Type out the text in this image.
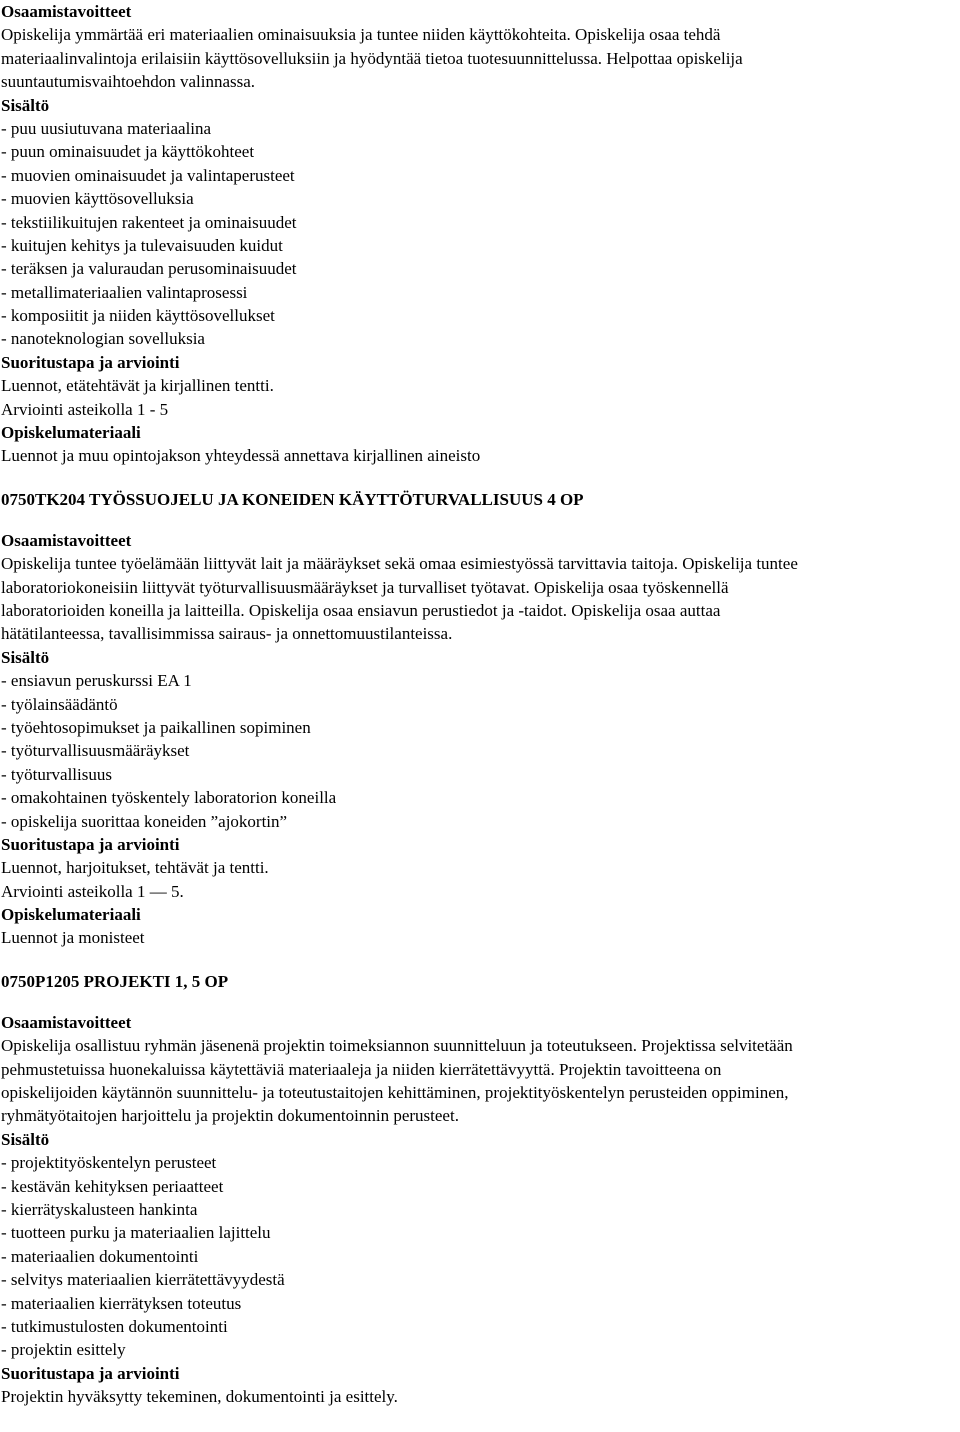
Osaamistavoitteet
Opiskelija ymmärtää eri materiaalien ominaisuuksia ja tuntee niiden käyttökohteita. Opiskelija osaa tehdä
materiaalinvalintoja erilaisiin käyttösovelluksiin ja hyödyntää tietoa tuotesuunnittelussa. Helpottaa opiskelija
suuntautumisvaihtoehdon valinnassa.
Sisältö
- puu uusiutuvana materiaalina
- puun ominaisuudet ja käyttökohteet
- muovien ominaisuudet ja valintaperusteet
- muovien käyttösovelluksia
- tekstiilikuitujen rakenteet ja ominaisuudet
- kuitujen kehitys ja tulevaisuuden kuidut
- teräksen ja valuraudan perusominaisuudet
- metallimateriaalien valintaprosessi
- komposiitit ja niiden käyttösovellukset
- nanoteknologian sovelluksia
Suoritustapa ja arviointi
Luennot, etätehtävät ja kirjallinen tentti.
Arviointi asteikolla 1 - 5
Opiskelumateriaali
Luennot ja muu opintojakson yhteydessä annettava kirjallinen aineisto
0750TK204 TYÖSSUOJELU JA KONEIDEN KÄYTTÖTURVALLISUUS 4 OP
Osaamistavoitteet
Opiskelija tuntee työelämään liittyvät lait ja määräykset sekä omaa esimiestyössä tarvittavia taitoja. Opiskelija tuntee
laboratoriokoneisiin liittyvät työturvallisuusmääräykset ja turvalliset työtavat. Opiskelija osaa työskennellä
laboratorioiden koneilla ja laitteilla. Opiskelija osaa ensiavun perustiedot ja -taidot. Opiskelija osaa auttaa
hätätilanteessa, tavallisimmissa sairaus- ja onnettomuustilanteissa.
Sisältö
- ensiavun peruskurssi EA 1
- työlainsäädäntö
- työehtosopimukset ja paikallinen sopiminen
- työturvallisuusmääräykset
- työturvallisuus
- omakohtainen työskentely laboratorion koneilla
- opiskelija suorittaa koneiden ”ajokortin”
Suoritustapa ja arviointi
Luennot, harjoitukset, tehtävät ja tentti.
Arviointi asteikolla 1 — 5.
Opiskelumateriaali
Luennot ja monisteet
0750P1205 PROJEKTI 1, 5 OP
Osaamistavoitteet
Opiskelija osallistuu ryhmän jäsenenä projektin toimeksiannon suunnitteluun ja toteutukseen. Projektissa selvitetään
pehmustetuissa huonekaluissa käytettäviä materiaaleja ja niiden kierrätettävyyttä. Projektin tavoitteena on
opiskelijoiden käytännön suunnittelu- ja toteutustaitojen kehittäminen, projektityöskentelyn perusteiden oppiminen,
ryhmätyötaitojen harjoittelu ja projektin dokumentoinnin perusteet.
Sisältö
- projektityöskentelyn perusteet
- kestävän kehityksen periaatteet
- kierrätyskalusteen hankinta
- tuotteen purku ja materiaalien lajittelu
- materiaalien dokumentointi
- selvitys materiaalien kierrätettävyydestä
- materiaalien kierrätyksen toteutus
- tutkimustulosten dokumentointi
- projektin esittely
Suoritustapa ja arviointi
Projektin hyväksytty tekeminen, dokumentointi ja esittely.
